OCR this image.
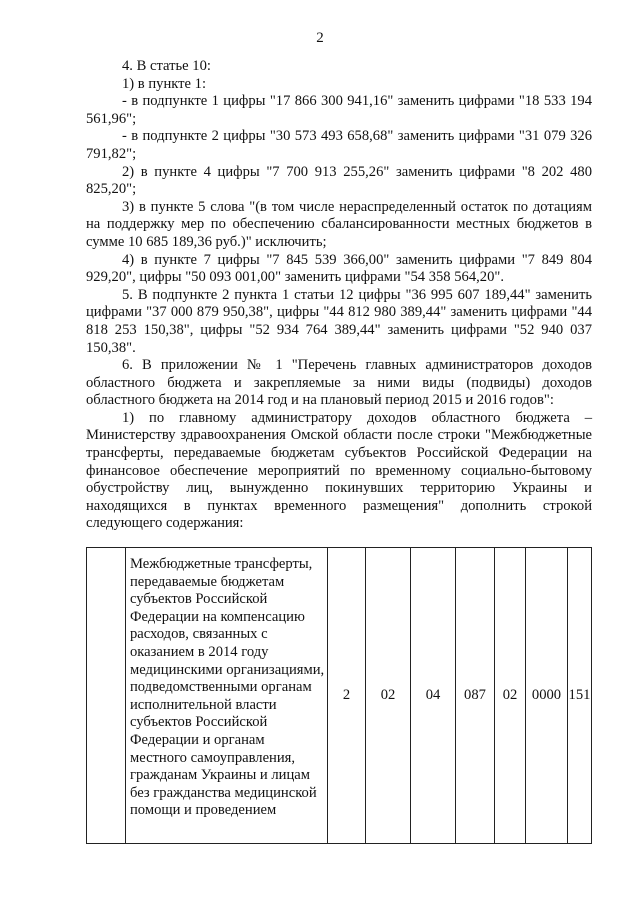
2

4. В статье 10:

1) в пункте 1:

- в подпункте 1 цифры "17 866 300 941,16" заменить цифрами "18 533 194 561,96";

- в подпункте 2 цифры "30 573 493 658,68" заменить цифрами "31 079 326 791,82";

2) в пункте 4 цифры "7 700 913 255,26" заменить цифрами "8 202 480 825,20";

3) в пункте 5 слова "(в том числе нераспределенный остаток по дотациям на поддержку мер по обеспечению сбалансированности местных бюджетов в сумме 10 685 189,36 руб.)" исключить;

4) в пункте 7 цифры "7 845 539 366,00" заменить цифрами "7 849 804 929,20", цифры "50 093 001,00" заменить цифрами "54 358 564,20".

5. В подпункте 2 пункта 1 статьи 12 цифры "36 995 607 189,44" заменить цифрами "37 000 879 950,38", цифры "44 812 980 389,44" заменить цифрами "44 818 253 150,38", цифры "52 934 764 389,44" заменить цифрами "52 940 037 150,38".

6. В приложении № 1 "Перечень главных администраторов доходов областного бюджета и закрепляемые за ними виды (подвиды) доходов областного бюджета на 2014 год и на плановый период 2015 и 2016 годов":

1) по главному администратору доходов областного бюджета – Министерству здравоохранения Омской области после строки "Межбюджетные трансферты, передаваемые бюджетам субъектов Российской Федерации на финансовое обеспечение мероприятий по временному социально-бытовому обустройству лиц, вынужденно покинувших территорию Украины и находящихся в пунктах временного размещения" дополнить строкой следующего содержания:

	Межбюджетные трансферты, передаваемые бюджетам субъектов Российской Федерации на компенсацию расходов, связанных с оказанием в 2014 году медицинскими организациями, подведомственными органам исполнительной власти субъектов Российской Федерации и органам местного самоуправления, гражданам Украины и лицам без гражданства медицинской помощи и проведением	2	02	04	087	02	0000	151
